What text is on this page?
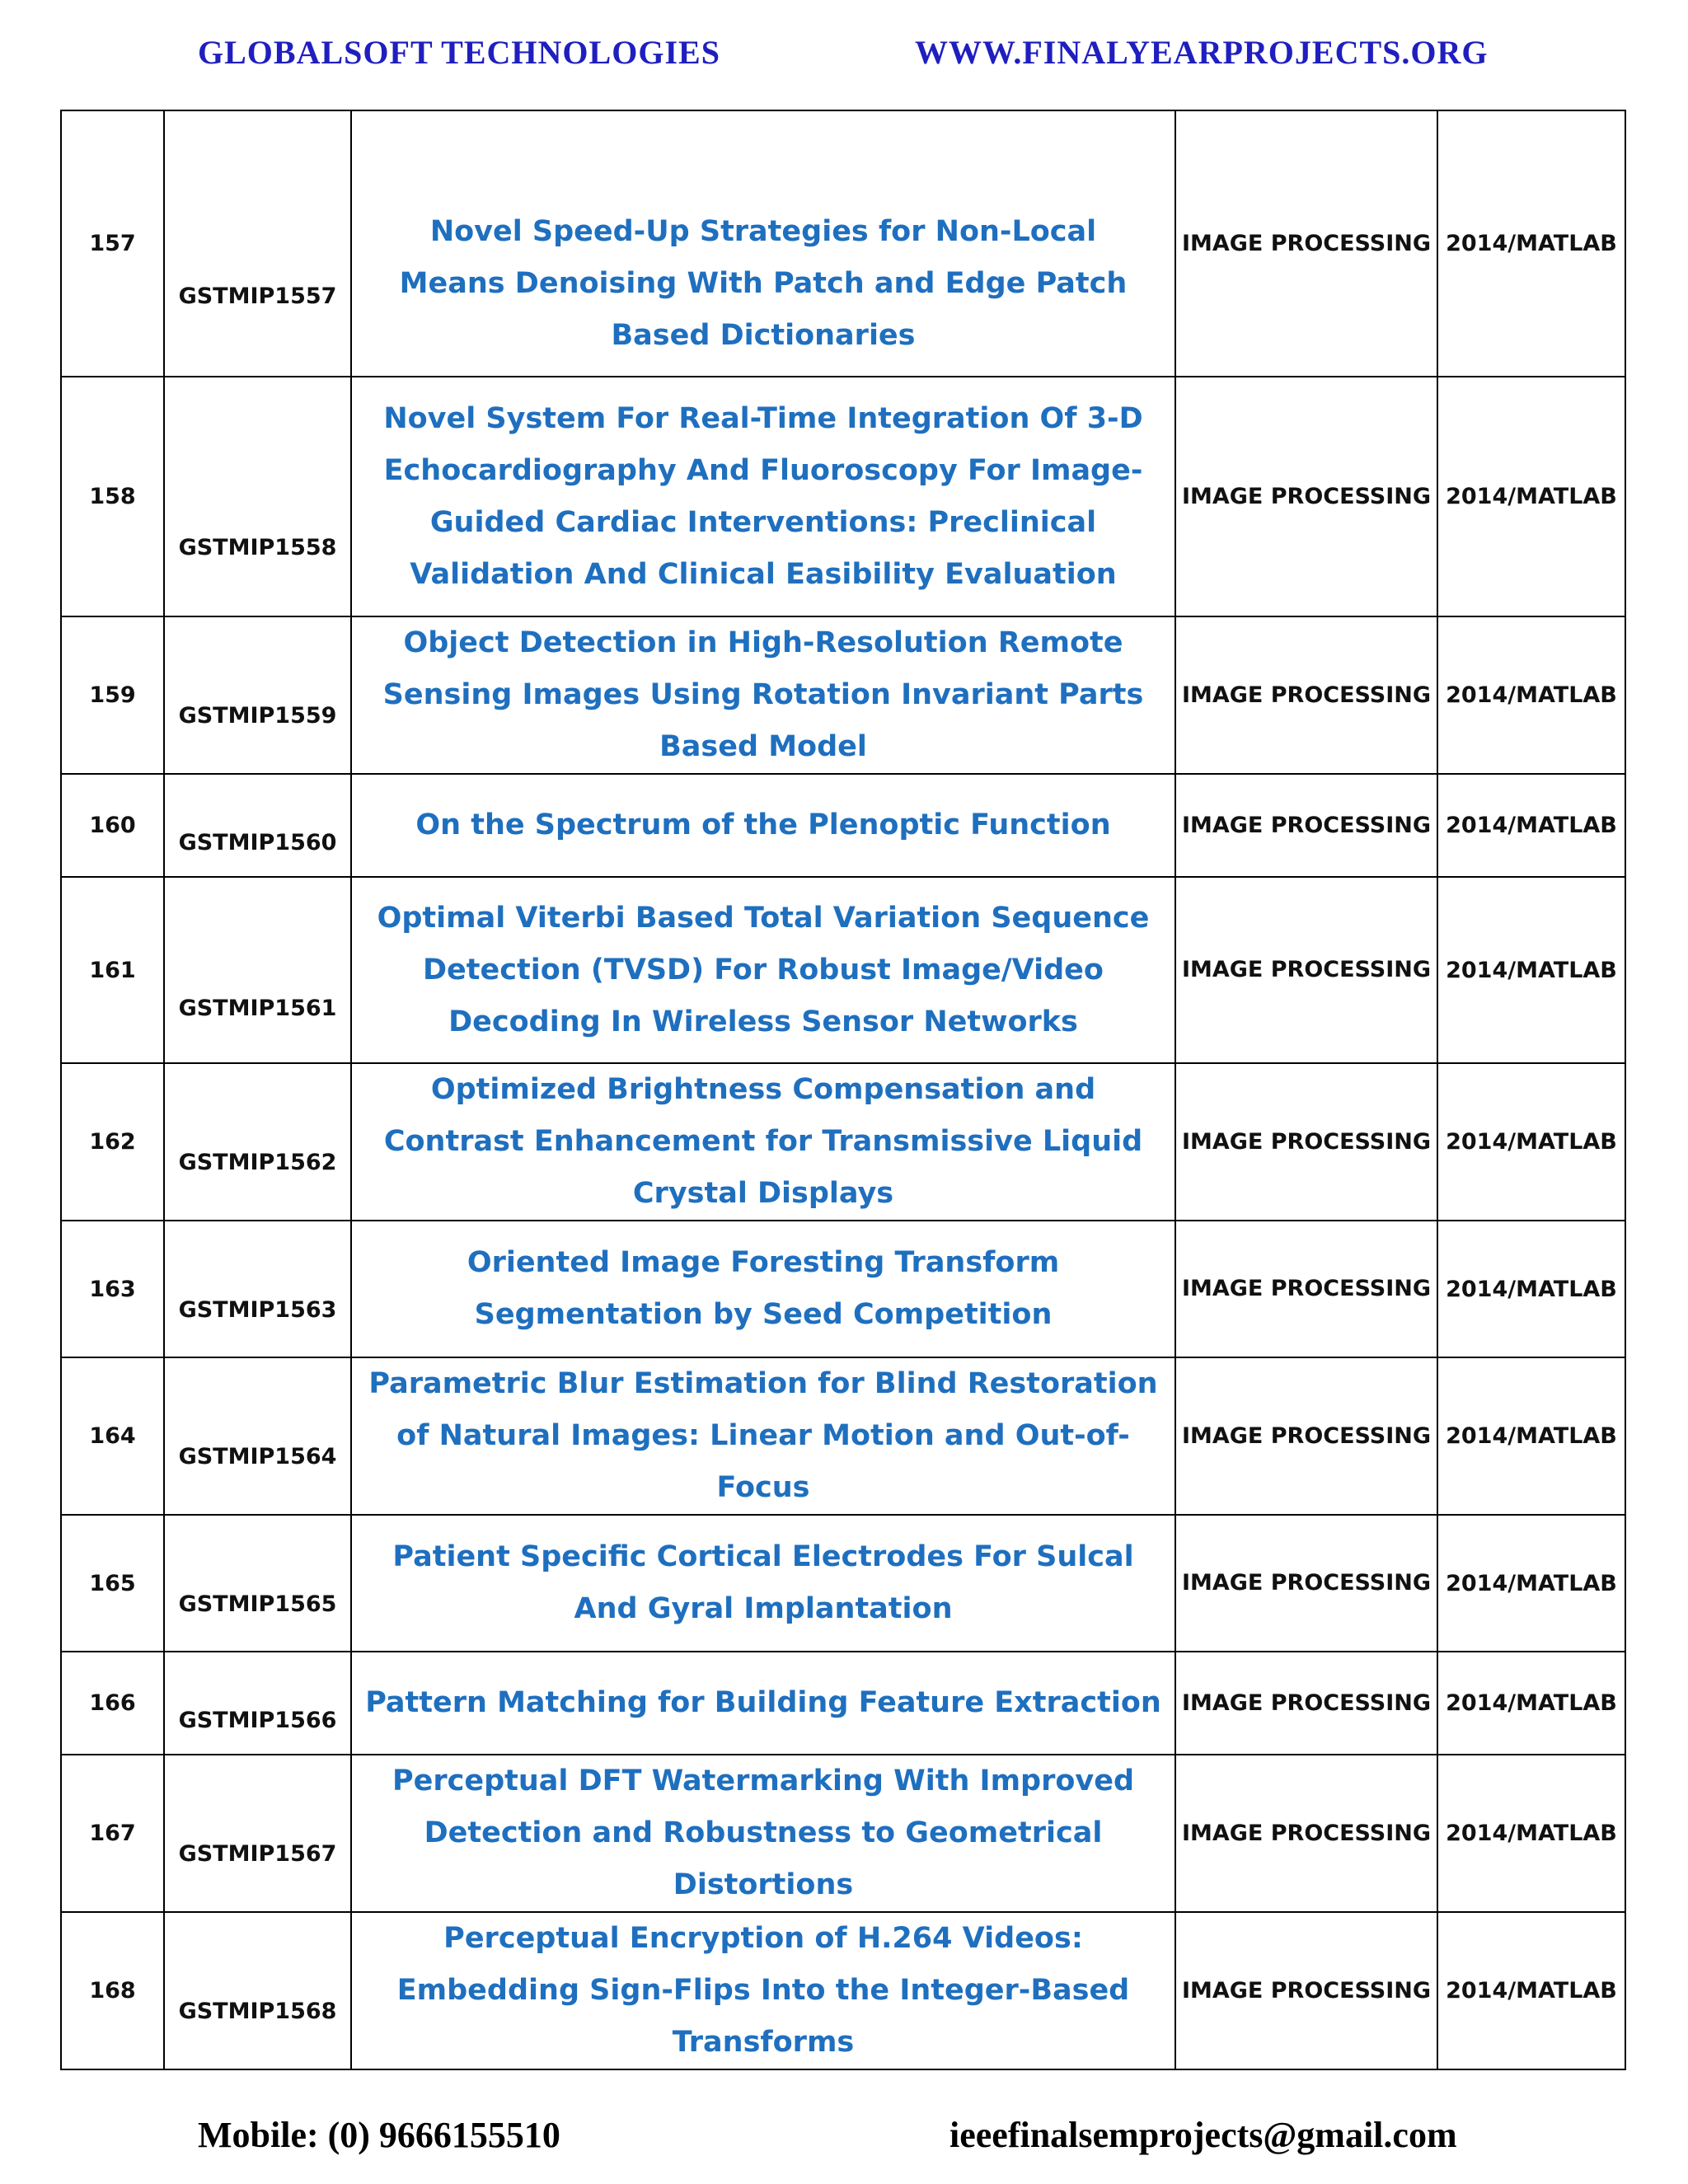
GLOBALSOFT TECHNOLOGIES	WWW.FINALYEARPROJECTS.ORG
157	GSTMIP1557	Novel Speed-Up Strategies for Non-Local Means Denoising With Patch and Edge Patch Based Dictionaries	IMAGE PROCESSING	2014/MATLAB
158	GSTMIP1558	Novel System For Real-Time Integration Of 3-D Echocardiography And Fluoroscopy For Image-Guided Cardiac Interventions: Preclinical Validation And Clinical Easibility Evaluation	IMAGE PROCESSING	2014/MATLAB
159	GSTMIP1559	Object Detection in High-Resolution Remote Sensing Images Using Rotation Invariant Parts Based Model	IMAGE PROCESSING	2014/MATLAB
160	GSTMIP1560	On the Spectrum of the Plenoptic Function	IMAGE PROCESSING	2014/MATLAB
161	GSTMIP1561	Optimal Viterbi Based Total Variation Sequence Detection (TVSD) For Robust Image/Video Decoding In Wireless Sensor Networks	IMAGE PROCESSING	2014/MATLAB
162	GSTMIP1562	Optimized Brightness Compensation and Contrast Enhancement for Transmissive Liquid Crystal Displays	IMAGE PROCESSING	2014/MATLAB
163	GSTMIP1563	Oriented Image Foresting Transform Segmentation by Seed Competition	IMAGE PROCESSING	2014/MATLAB
164	GSTMIP1564	Parametric Blur Estimation for Blind Restoration of Natural Images: Linear Motion and Out-of-Focus	IMAGE PROCESSING	2014/MATLAB
165	GSTMIP1565	Patient Specific Cortical Electrodes For Sulcal And Gyral Implantation	IMAGE PROCESSING	2014/MATLAB
166	GSTMIP1566	Pattern Matching for Building Feature Extraction	IMAGE PROCESSING	2014/MATLAB
167	GSTMIP1567	Perceptual DFT Watermarking With Improved Detection and Robustness to Geometrical Distortions	IMAGE PROCESSING	2014/MATLAB
168	GSTMIP1568	Perceptual Encryption of H.264 Videos: Embedding Sign-Flips Into the Integer-Based Transforms	IMAGE PROCESSING	2014/MATLAB
Mobile: (0) 9666155510	ieeefinalsemprojects@gmail.com
